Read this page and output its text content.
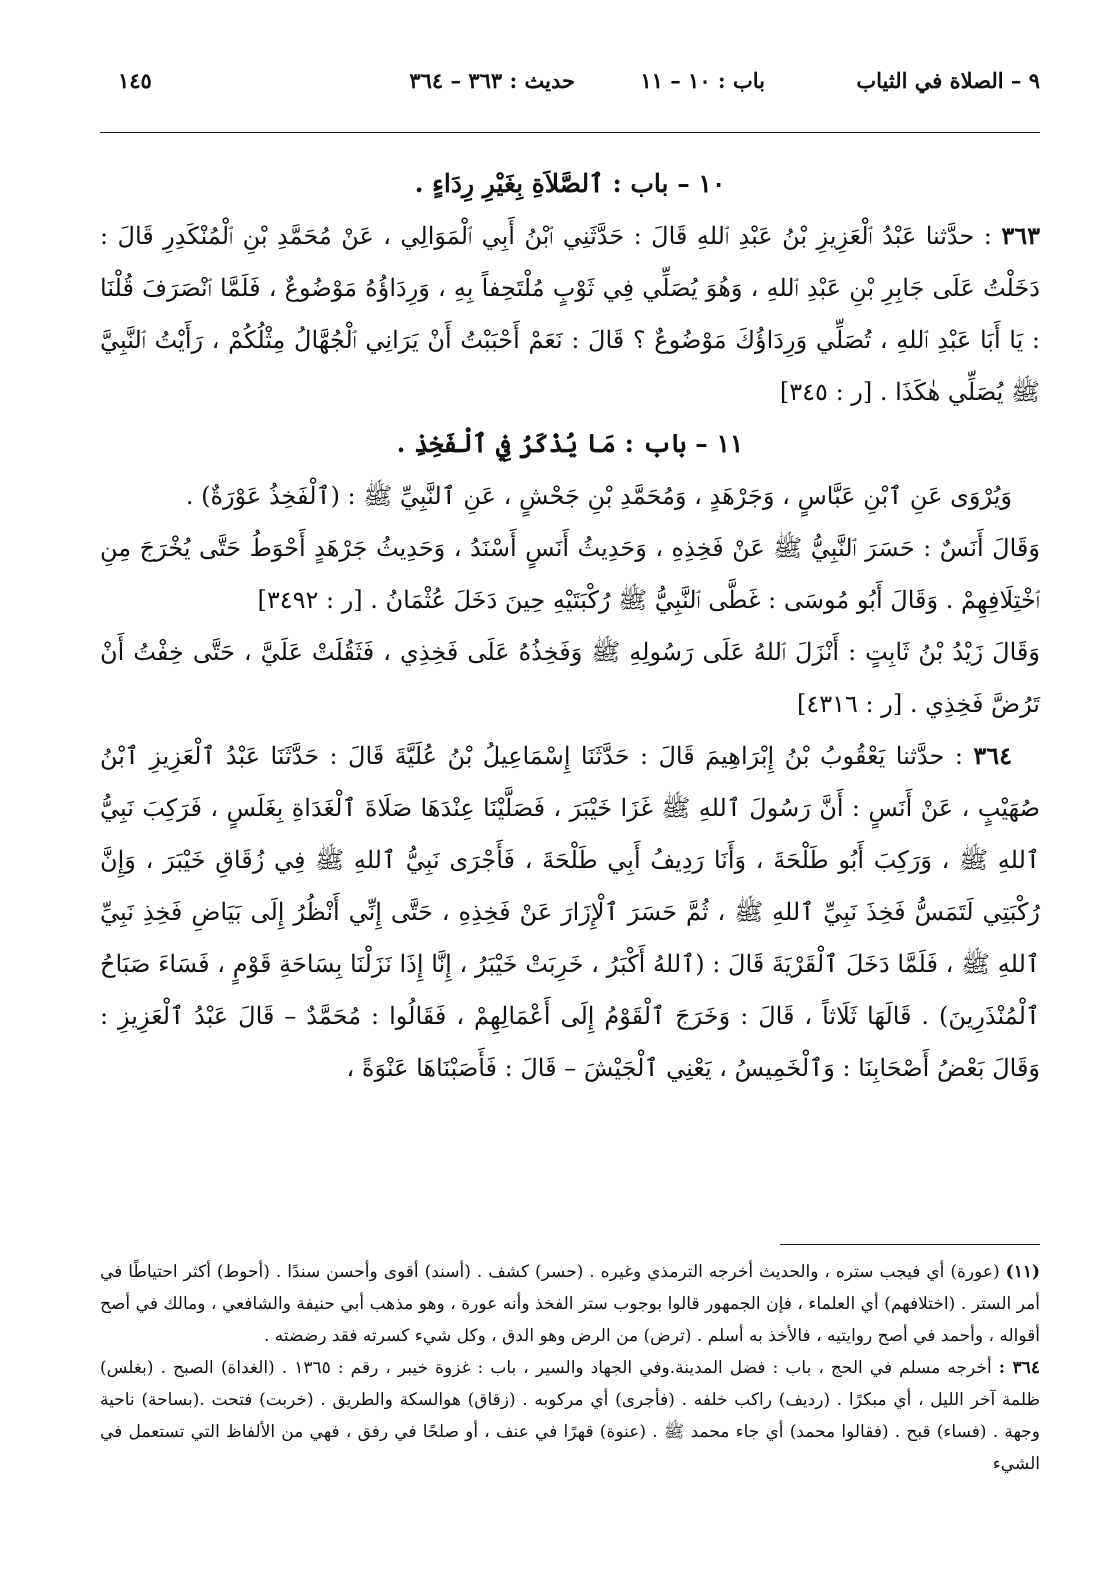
٩ – الصلاة في الثياب
باب : ١٠ – ١١
حديث : ٣٦٣ – ٣٦٤
١٤٥

١٠ – باب : ٱلصَّلاَةِ بِغَيْرِ رِدَاءٍ .

٣٦٣ : حدَّثنا عَبْدُ ٱلْعَزِيزِ بْنُ عَبْدِ ٱللهِ قَالَ : حَدَّثَنِي ٱبْنُ أَبِي ٱلْمَوَالِي ، عَنْ مُحَمَّدِ بْنِ ٱلْمُنْكَدِرِ قَالَ : دَخَلْتُ عَلَى جَابِرِ بْنِ عَبْدِ ٱللهِ ، وَهُوَ يُصَلِّي فِي ثَوْبٍ مُلْتَحِفاً بِهِ ، وَرِدَاؤُهُ مَوْضُوعٌ ، فَلَمَّا ٱنْصَرَفَ قُلْنَا : يَا أَبَا عَبْدِ ٱللهِ ، تُصَلِّي وَرِدَاؤُكَ مَوْضُوعٌ ؟ قَالَ : نَعَمْ أَحْبَبْتُ أَنْ يَرَانِي ٱلْجُهَّالُ مِثْلُكُمْ ، رَأَيْتُ ٱلنَّبِيَّ ﷺ يُصَلِّي هٰكَذَا . [ر : ٣٤٥]

١١ – باب : مَا يُذْكَرُ فِي ٱلْفَخِذِ .

وَيُرْوَى عَنِ ٱبْنِ عَبَّاسٍ ، وَجَرْهَدٍ ، وَمُحَمَّدِ بْنِ جَحْشٍ ، عَنِ ٱلنَّبِيِّ ﷺ : (ٱلْفَخِذُ عَوْرَةٌ) .

وَقَالَ أَنَسٌ : حَسَرَ ٱلنَّبِيُّ ﷺ عَنْ فَخِذِهِ ، وَحَدِيثُ أَنَسٍ أَسْنَدُ ، وَحَدِيثُ جَرْهَدٍ أَحْوَطُ حَتَّى يُخْرَجَ مِنِ ٱخْتِلَافِهِمْ . وَقَالَ أَبُو مُوسَى : غَطَّى ٱلنَّبِيُّ ﷺ رُكْبَتَيْهِ حِينَ دَخَلَ عُثْمَانُ . [ر : ٣٤٩٢]

وَقَالَ زَيْدُ بْنُ ثَابِتٍ : أَنْزَلَ ٱللهُ عَلَى رَسُولِهِ ﷺ وَفَخِذُهُ عَلَى فَخِذِي ، فَثَقُلَتْ عَلَيَّ ، حَتَّى خِفْتُ أَنْ تَرُضَّ فَخِذِي . [ر : ٤٣١٦]

٣٦٤ : حدَّثنا يَعْقُوبُ بْنُ إِبْرَاهِيمَ قَالَ : حَدَّثَنَا إِسْمَاعِيلُ بْنُ عُلَيَّةَ قَالَ : حَدَّثَنَا عَبْدُ ٱلْعَزِيزِ ٱبْنُ صُهَيْبٍ ، عَنْ أَنَسٍ : أَنَّ رَسُولَ ٱللهِ ﷺ غَزَا خَيْبَرَ ، فَصَلَّيْنَا عِنْدَهَا صَلَاةَ ٱلْغَدَاةِ بِغَلَسٍ ، فَرَكِبَ نَبِيُّ ٱللهِ ﷺ ، وَرَكِبَ أَبُو طَلْحَةَ ، وَأَنَا رَدِيفُ أَبِي طَلْحَةَ ، فَأَجْرَى نَبِيُّ ٱللهِ ﷺ فِي زُقَاقِ خَيْبَرَ ، وَإِنَّ رُكْبَتِي لَتَمَسُّ فَخِذَ نَبِيِّ ٱللهِ ﷺ ، ثُمَّ حَسَرَ ٱلْإِزَارَ عَنْ فَخِذِهِ ، حَتَّى إِنِّي أَنْظُرُ إِلَى بَيَاضِ فَخِذِ نَبِيِّ ٱللهِ ﷺ ، فَلَمَّا دَخَلَ ٱلْقَرْيَةَ قَالَ : (ٱللهُ أَكْبَرُ ، خَرِبَتْ خَيْبَرُ ، إِنَّا إِذَا نَزَلْنَا بِسَاحَةِ قَوْمٍ ، فَسَاءَ صَبَاحُ ٱلْمُنْذَرِينَ) . قَالَهَا ثَلَاثاً ، قَالَ : وَخَرَجَ ٱلْقَوْمُ إِلَى أَعْمَالِهِمْ ، فَقَالُوا : مُحَمَّدٌ – قَالَ عَبْدُ ٱلْعَزِيزِ : وَقَالَ بَعْضُ أَصْحَابِنَا : وَٱلْخَمِيسُ ، يَعْنِي ٱلْجَيْشَ – قَالَ : فَأَصَبْنَاهَا عَنْوَةً ،

(١١) (عورة) أي فيجب ستره ، والحديث أخرجه الترمذي وغيره . (حسر) كشف . (أسند) أقوى وأحسن سندًا . (أحوط) أكثر احتياطًا في أمر الستر . (اختلافهم) أي العلماء ، فإن الجمهور قالوا بوجوب ستر الفخذ وأنه عورة ، وهو مذهب أبي حنيفة والشافعي ، ومالك في أصح أقواله ، وأحمد في أصح روايتيه ، فالأخذ به أسلم . (ترض) من الرض وهو الدق ، وكل شيء كسرته فقد رضضته .

٣٦٤ : أخرجه مسلم في الحج ، باب : فضل المدينة.وفي الجهاد والسير ، باب : غزوة خيبر ، رقم : ١٣٦٥ . (الغداة) الصبح . (بغلس) ظلمة آخر الليل ، أي مبكرًا . (رديف) راكب خلفه . (فأجرى) أي مركوبه . (زقاق) هوالسكة والطريق . (خربت) فتحت .(بساحة) ناحية وجهة . (فساء) قبح . (فقالوا محمد) أي جاء محمد ﷺ . (عنوة) قهرًا في عنف ، أو صلحًا في رفق ، فهي من الألفاظ التي تستعمل في الشيء
